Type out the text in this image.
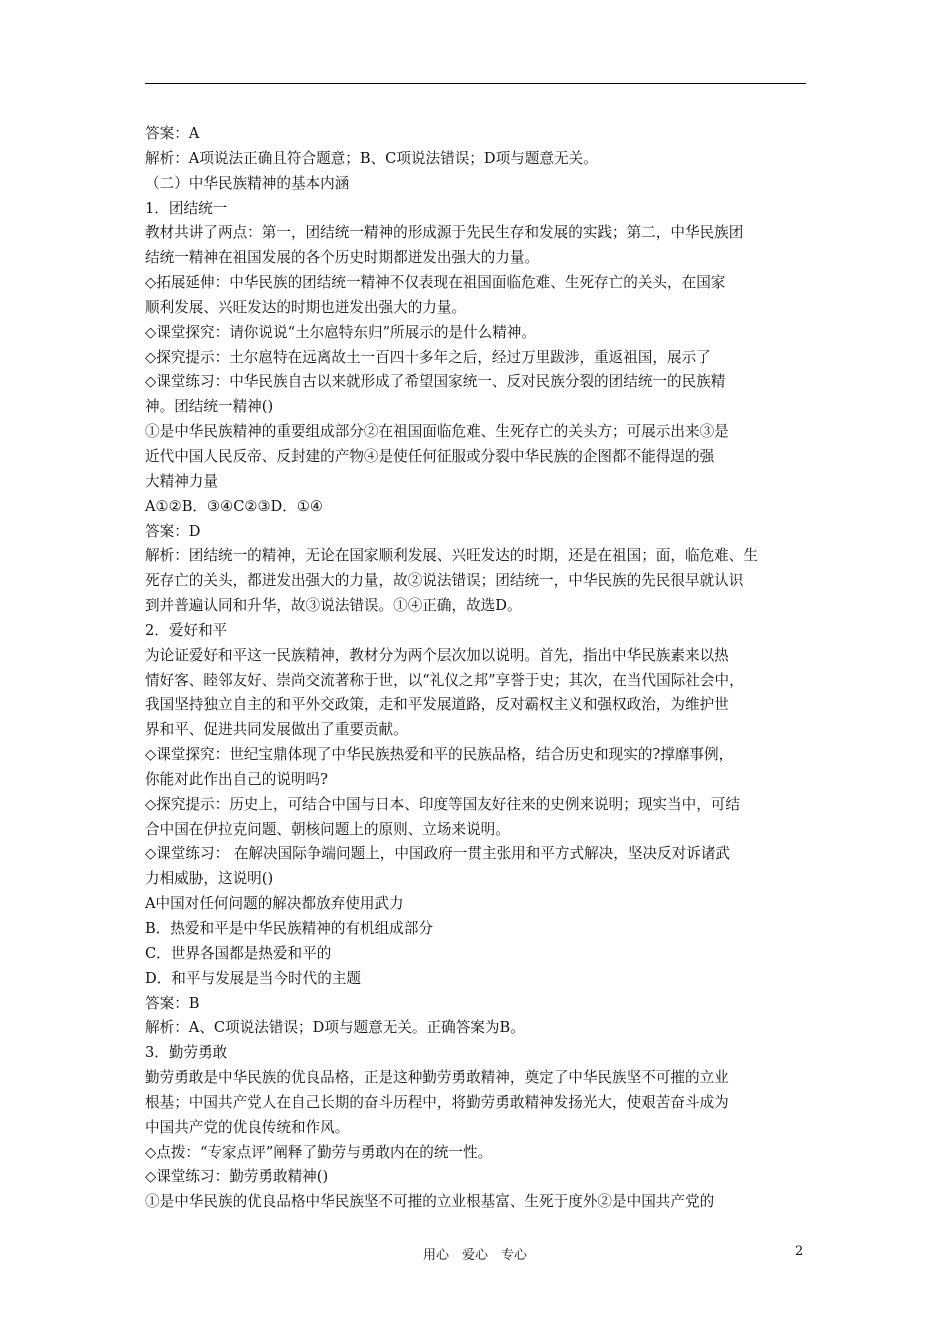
答案：A
解析：A项说法正确且符合题意；B、C项说法错误；D项与题意无关。
（二）中华民族精神的基本内涵
1．团结统一
教材共讲了两点：第一，团结统一精神的形成源于先民生存和发展的实践；第二，中华民族团
结统一精神在祖国发展的各个历史时期都迸发出强大的力量。
◇拓展延伸：中华民族的团结统一精神不仅表现在祖国面临危难、生死存亡的关头，在国家
顺利发展、兴旺发达的时期也迸发出强大的力量。
◇课堂探究：请你说说“土尔扈特东归”所展示的是什么精神。
◇探究提示：土尔扈特在远离故土一百四十多年之后，经过万里跋涉，重返祖国，展示了
◇课堂练习：中华民族自古以来就形成了希望国家统一、反对民族分裂的团结统一的民族精
神。团结统一精神()
①是中华民族精神的重要组成部分②在祖国面临危难、生死存亡的关头方；可展示出来③是
近代中国人民反帝、反封建的产物④是使任何征服或分裂中华民族的企图都不能得逞的强
大精神力量
A①②B．③④C②③D．①④
答案：D
解析：团结统一的精神，无论在国家顺利发展、兴旺发达的时期，还是在祖国；面，临危难、生
死存亡的关头，都迸发出强大的力量，故②说法错误；团结统一，中华民族的先民很早就认识
到并普遍认同和升华，故③说法错误。①④正确，故选D。
2．爱好和平
为论证爱好和平这一民族精神，教材分为两个层次加以说明。首先，指出中华民族素来以热
情好客、睦邻友好、崇尚交流著称于世，以“礼仪之邦”享誉于史；其次，在当代国际社会中，
我国坚持独立自主的和平外交政策，走和平发展道路，反对霸权主义和强权政治，为维护世
界和平、促进共同发展做出了重要贡献。
◇课堂探究：世纪宝鼎体现了中华民族热爱和平的民族品格，结合历史和现实的?撑靡事例，
你能对此作出自己的说明吗?
◇探究提示：历史上，可结合中国与日本、印度等国友好往来的史例来说明；现实当中，可结
合中国在伊拉克问题、朝核问题上的原则、立场来说明。
◇课堂练习： 在解决国际争端问题上，中国政府一贯主张用和平方式解决，坚决反对诉诸武
力相威胁，这说明()
A中国对任何问题的解决都放弃使用武力
B．热爱和平是中华民族精神的有机组成部分
C．世界各国都是热爱和平的
D．和平与发展是当今时代的主题
答案：B
解析：A、C项说法错误；D项与题意无关。正确答案为B。
3．勤劳勇敢
勤劳勇敢是中华民族的优良品格，正是这种勤劳勇敢精神，奠定了中华民族坚不可摧的立业
根基；中国共产党人在自己长期的奋斗历程中，将勤劳勇敢精神发扬光大，使艰苦奋斗成为
中国共产党的优良传统和作风。
◇点拨：“专家点评”阐释了勤劳与勇敢内在的统一性。
◇课堂练习：勤劳勇敢精神()
①是中华民族的优良品格中华民族坚不可摧的立业根基富、生死于度外②是中国共产党的
用心　爱心　专心	2
